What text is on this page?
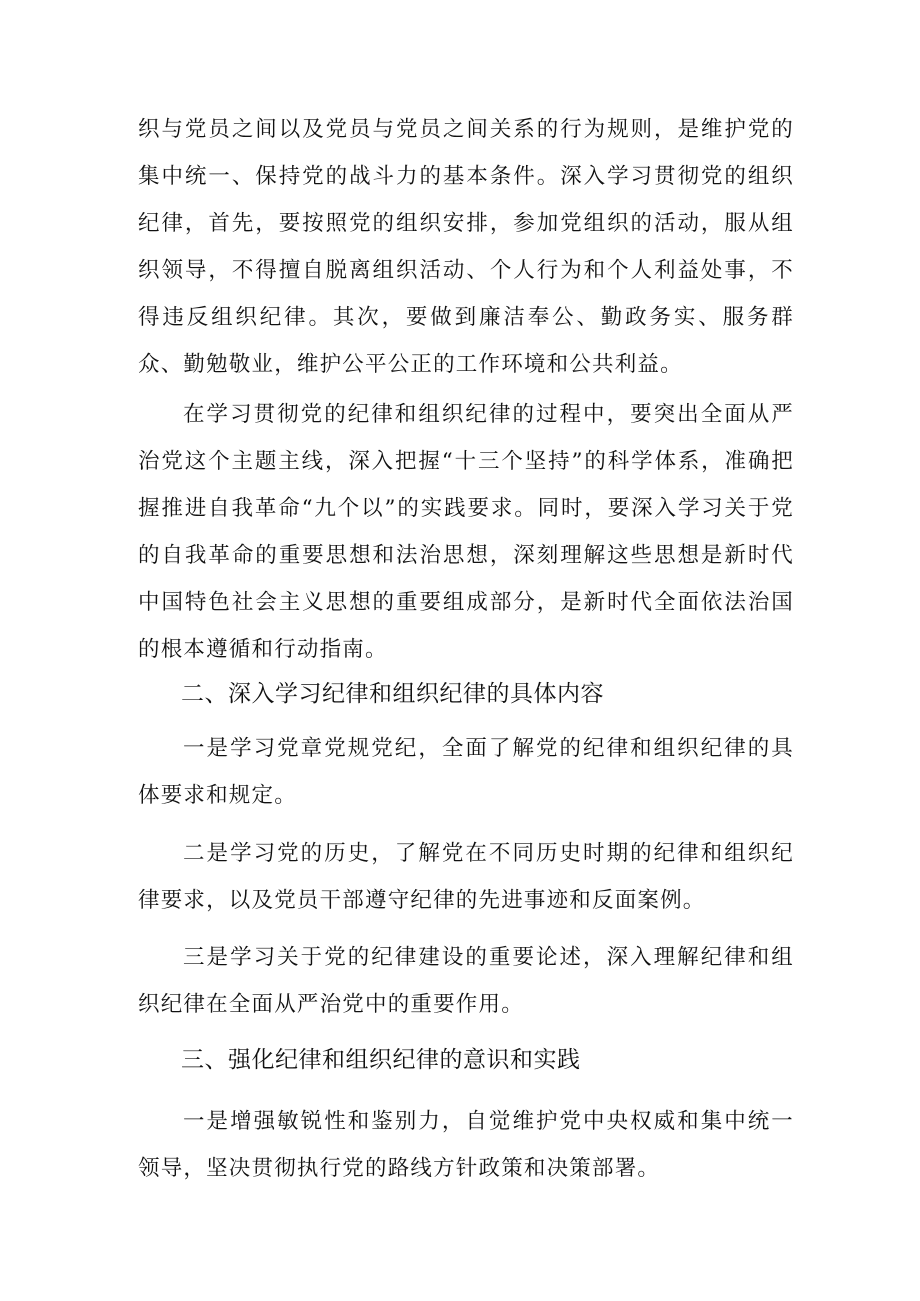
织与党员之间以及党员与党员之间关系的行为规则，是维护党的集中统一、保持党的战斗力的基本条件。深入学习贯彻党的组织纪律，首先，要按照党的组织安排，参加党组织的活动，服从组织领导，不得擅自脱离组织活动、个人行为和个人利益处事，不得违反组织纪律。其次，要做到廉洁奉公、勤政务实、服务群众、勤勉敬业，维护公平公正的工作环境和公共利益。

在学习贯彻党的纪律和组织纪律的过程中，要突出全面从严治党这个主题主线，深入把握“十三个坚持”的科学体系，准确把握推进自我革命“九个以”的实践要求。同时，要深入学习关于党的自我革命的重要思想和法治思想，深刻理解这些思想是新时代中国特色社会主义思想的重要组成部分，是新时代全面依法治国的根本遵循和行动指南。

二、深入学习纪律和组织纪律的具体内容

一是学习党章党规党纪，全面了解党的纪律和组织纪律的具体要求和规定。

二是学习党的历史，了解党在不同历史时期的纪律和组织纪律要求，以及党员干部遵守纪律的先进事迹和反面案例。

三是学习关于党的纪律建设的重要论述，深入理解纪律和组织纪律在全面从严治党中的重要作用。

三、强化纪律和组织纪律的意识和实践

一是增强敏锐性和鉴别力，自觉维护党中央权威和集中统一领导，坚决贯彻执行党的路线方针政策和决策部署。
